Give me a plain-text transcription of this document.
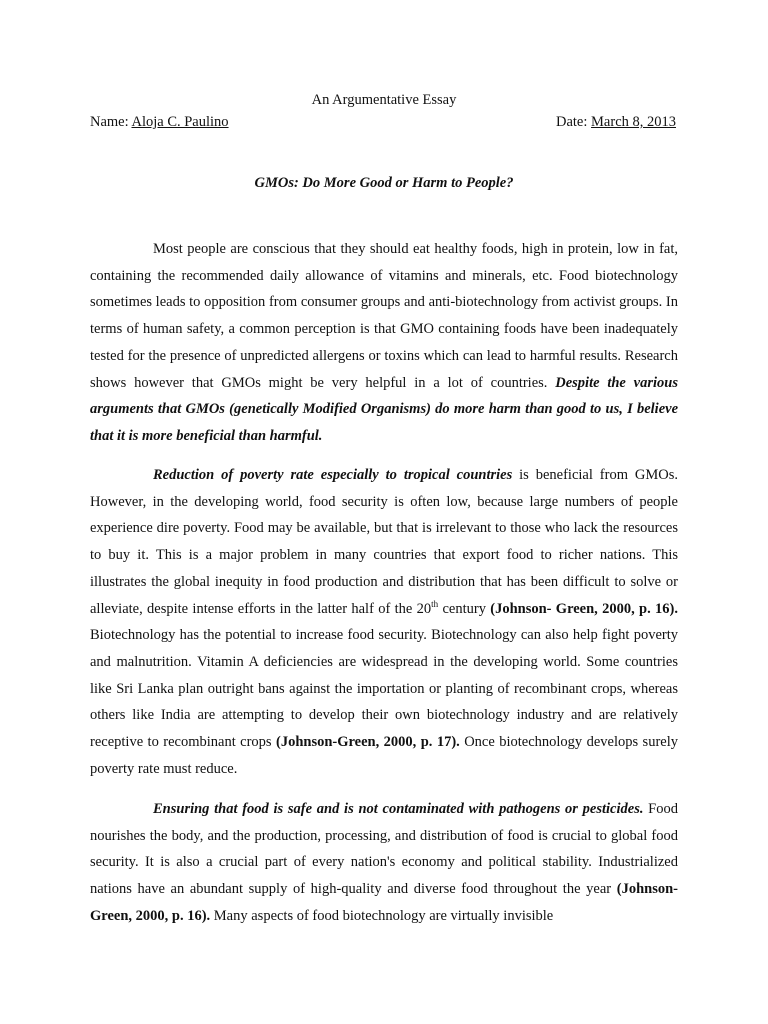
An Argumentative Essay
Name: Aloja C. Paulino	Date: March 8, 2013
GMOs: Do More Good or Harm to People?
Most people are conscious that they should eat healthy foods, high in protein, low in fat, containing the recommended daily allowance of vitamins and minerals, etc. Food biotechnology sometimes leads to opposition from consumer groups and anti-biotechnology from activist groups. In terms of human safety, a common perception is that GMO containing foods have been inadequately tested for the presence of unpredicted allergens or toxins which can lead to harmful results. Research shows however that GMOs might be very helpful in a lot of countries. Despite the various arguments that GMOs (genetically Modified Organisms) do more harm than good to us, I believe that it is more beneficial than harmful.
Reduction of poverty rate especially to tropical countries is beneficial from GMOs. However, in the developing world, food security is often low, because large numbers of people experience dire poverty. Food may be available, but that is irrelevant to those who lack the resources to buy it. This is a major problem in many countries that export food to richer nations. This illustrates the global inequity in food production and distribution that has been difficult to solve or alleviate, despite intense efforts in the latter half of the 20th century (Johnson- Green, 2000, p. 16). Biotechnology has the potential to increase food security. Biotechnology can also help fight poverty and malnutrition. Vitamin A deficiencies are widespread in the developing world. Some countries like Sri Lanka plan outright bans against the importation or planting of recombinant crops, whereas others like India are attempting to develop their own biotechnology industry and are relatively receptive to recombinant crops (Johnson-Green, 2000, p. 17). Once biotechnology develops surely poverty rate must reduce.
Ensuring that food is safe and is not contaminated with pathogens or pesticides. Food nourishes the body, and the production, processing, and distribution of food is crucial to global food security. It is also a crucial part of every nation's economy and political stability. Industrialized nations have an abundant supply of high-quality and diverse food throughout the year (Johnson-Green, 2000, p. 16). Many aspects of food biotechnology are virtually invisible
